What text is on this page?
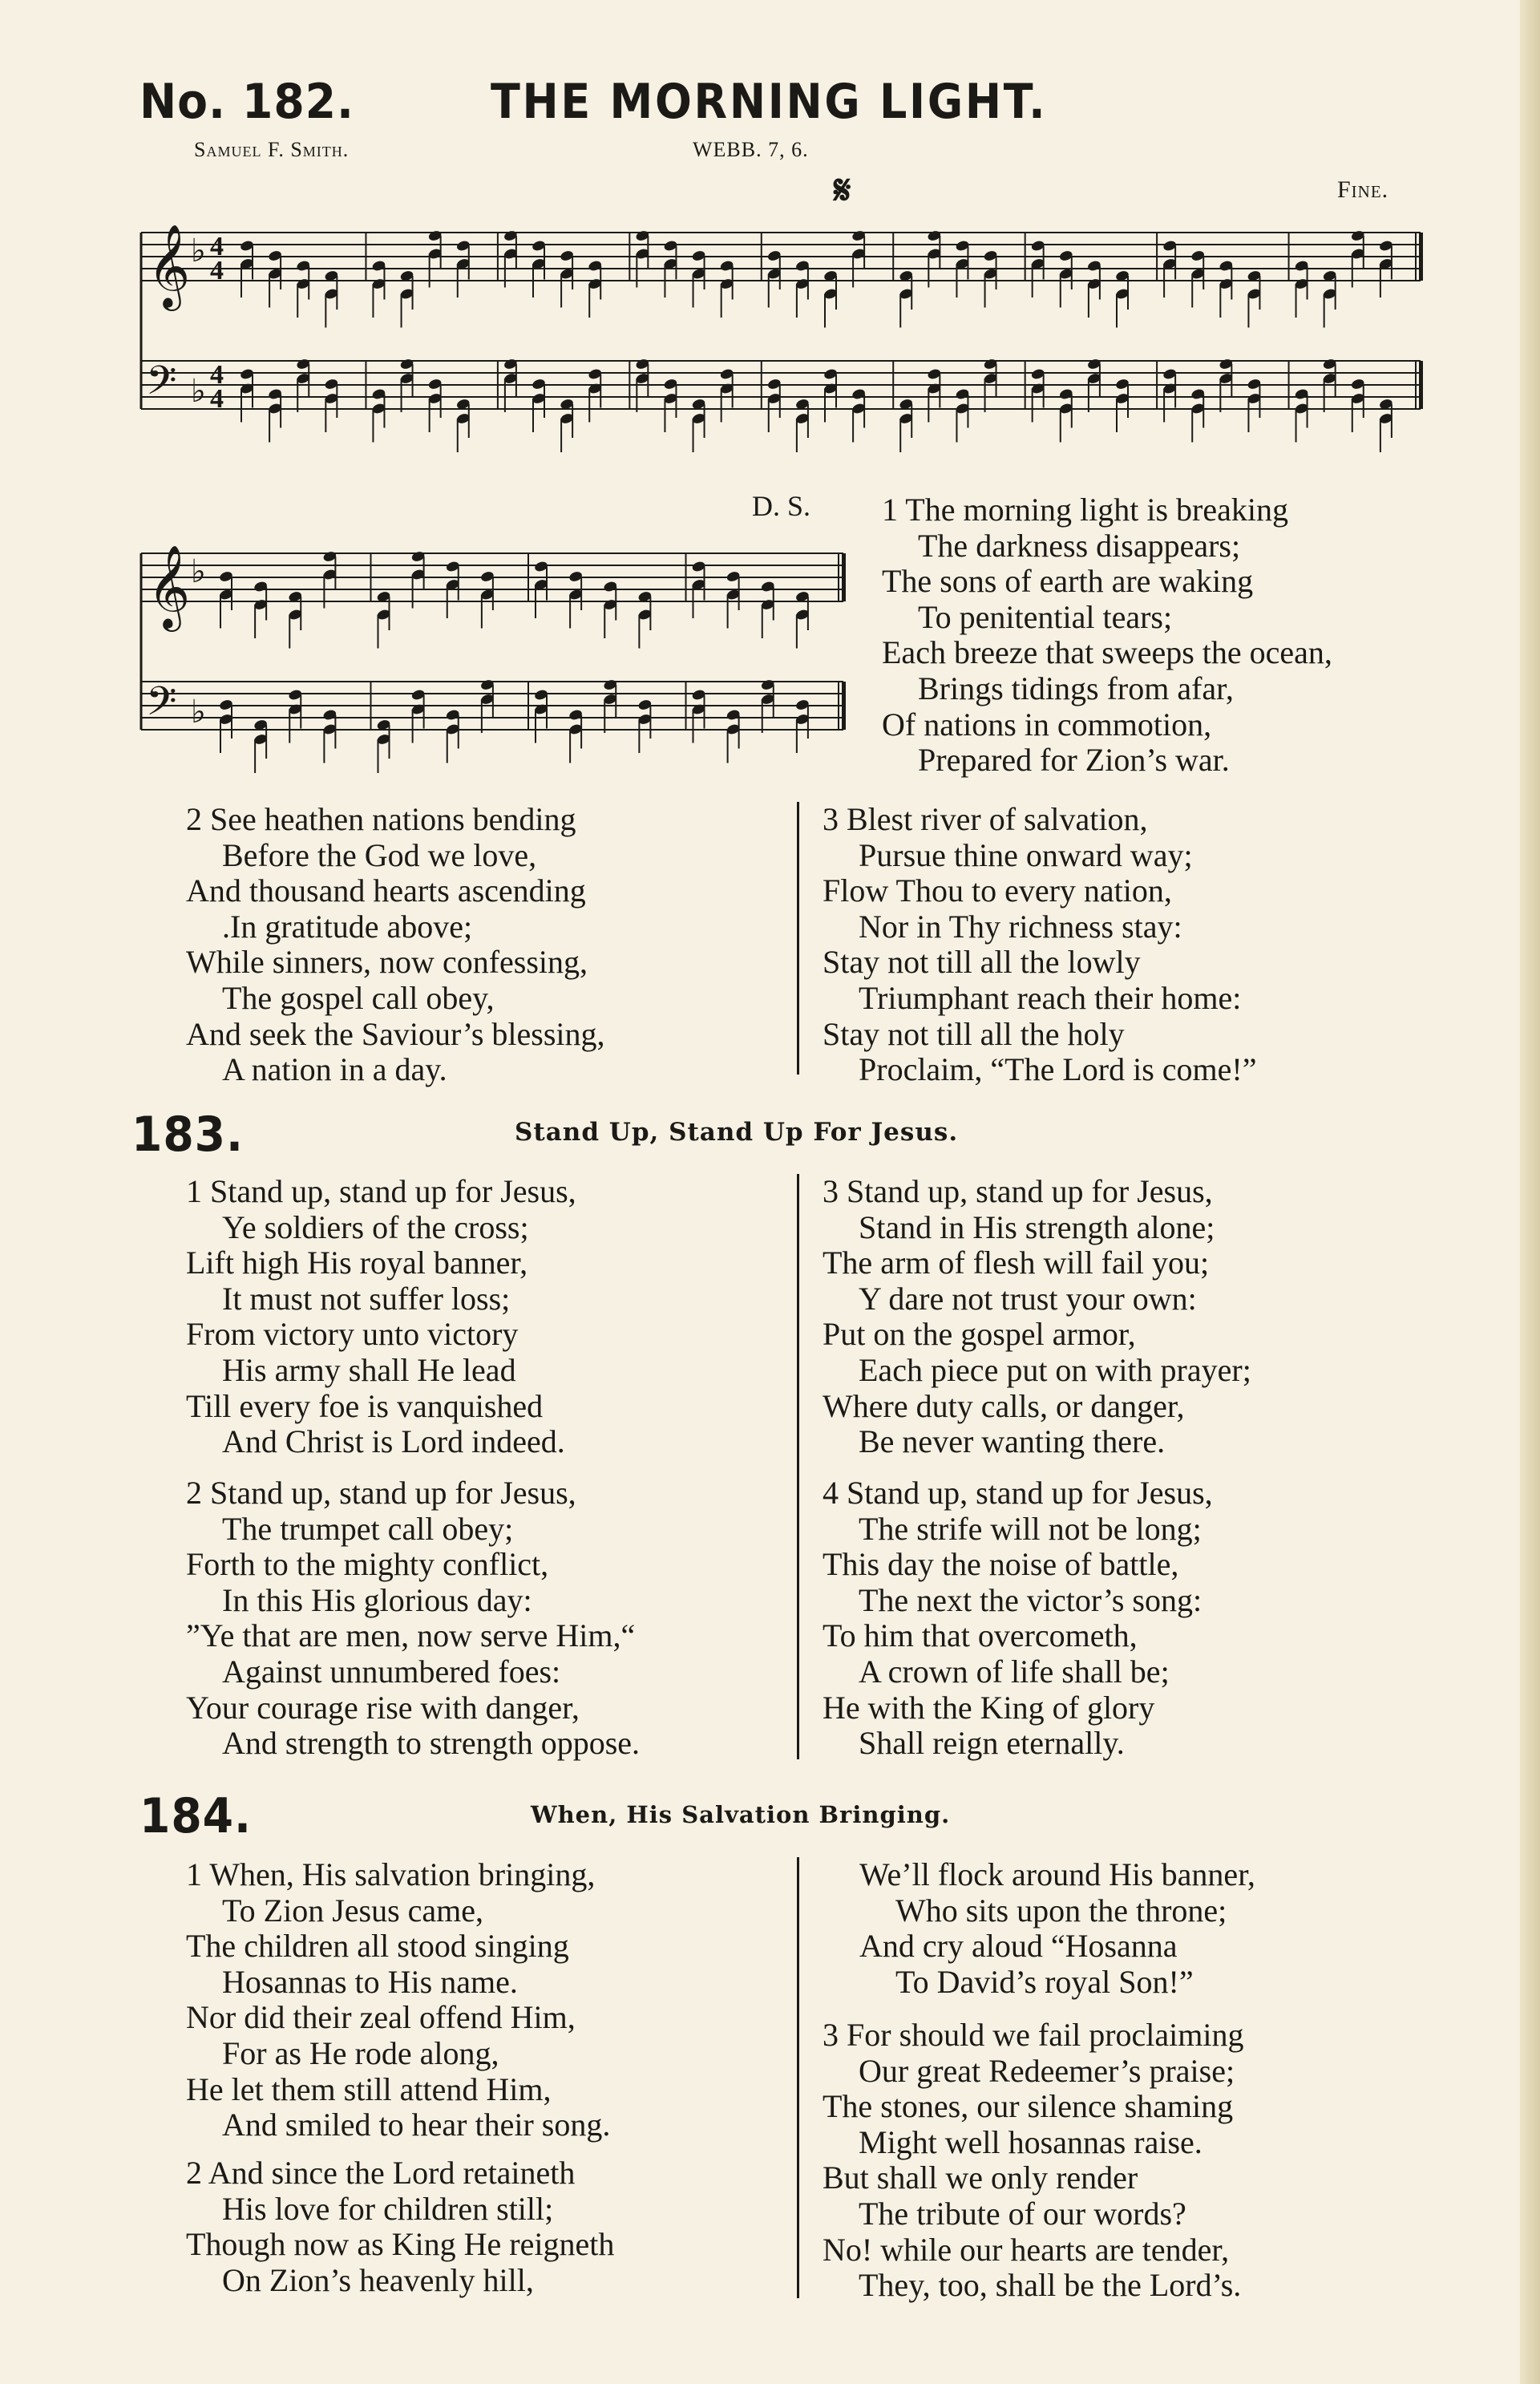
No. 182.	THE MORNING LIGHT.
Samuel F. Smith.	WEBB. 7, 6.
𝄋	Fine.
𝄞
𝄢
♭
♭
4
4
4
4
D. S.
𝄞
𝄢
♭
♭
1 The morning light is breaking
The darkness disappears;
The sons of earth are waking
To penitential tears;
Each breeze that sweeps the ocean,
Brings tidings from afar,
Of nations in commotion,
Prepared for Zion’s war.
2 See heathen nations bending
Before the God we love,
And thousand hearts ascending
.In gratitude above;
While sinners, now confessing,
The gospel call obey,
And seek the Saviour’s blessing,
A nation in a day.
3 Blest river of salvation,
Pursue thine onward way;
Flow Thou to every nation,
Nor in Thy richness stay:
Stay not till all the lowly
Triumphant reach their home:
Stay not till all the holy
Proclaim, “The Lord is come!”
183.	Stand Up, Stand Up For Jesus.
1 Stand up, stand up for Jesus,
Ye soldiers of the cross;
Lift high His royal banner,
It must not suffer loss;
From victory unto victory
His army shall He lead
Till every foe is vanquished
And Christ is Lord indeed.
2 Stand up, stand up for Jesus,
The trumpet call obey;
Forth to the mighty conflict,
In this His glorious day:
”Ye that are men, now serve Him,“
Against unnumbered foes:
Your courage rise with danger,
And strength to strength oppose.
3 Stand up, stand up for Jesus,
Stand in His strength alone;
The arm of flesh will fail you;
Y dare not trust your own:
Put on the gospel armor,
Each piece put on with prayer;
Where duty calls, or danger,
Be never wanting there.
4 Stand up, stand up for Jesus,
The strife will not be long;
This day the noise of battle,
The next the victor’s song:
To him that overcometh,
A crown of life shall be;
He with the King of glory
Shall reign eternally.
184.	When, His Salvation Bringing.
1 When, His salvation bringing,
To Zion Jesus came,
The children all stood singing
Hosannas to His name.
Nor did their zeal offend Him,
For as He rode along,
He let them still attend Him,
And smiled to hear their song.
2 And since the Lord retaineth
His love for children still;
Though now as King He reigneth
On Zion’s heavenly hill,
We’ll flock around His banner,
Who sits upon the throne;
And cry aloud “Hosanna
To David’s royal Son!”
3 For should we fail proclaiming
Our great Redeemer’s praise;
The stones, our silence shaming
Might well hosannas raise.
But shall we only render
The tribute of our words?
No! while our hearts are tender,
They, too, shall be the Lord’s.
